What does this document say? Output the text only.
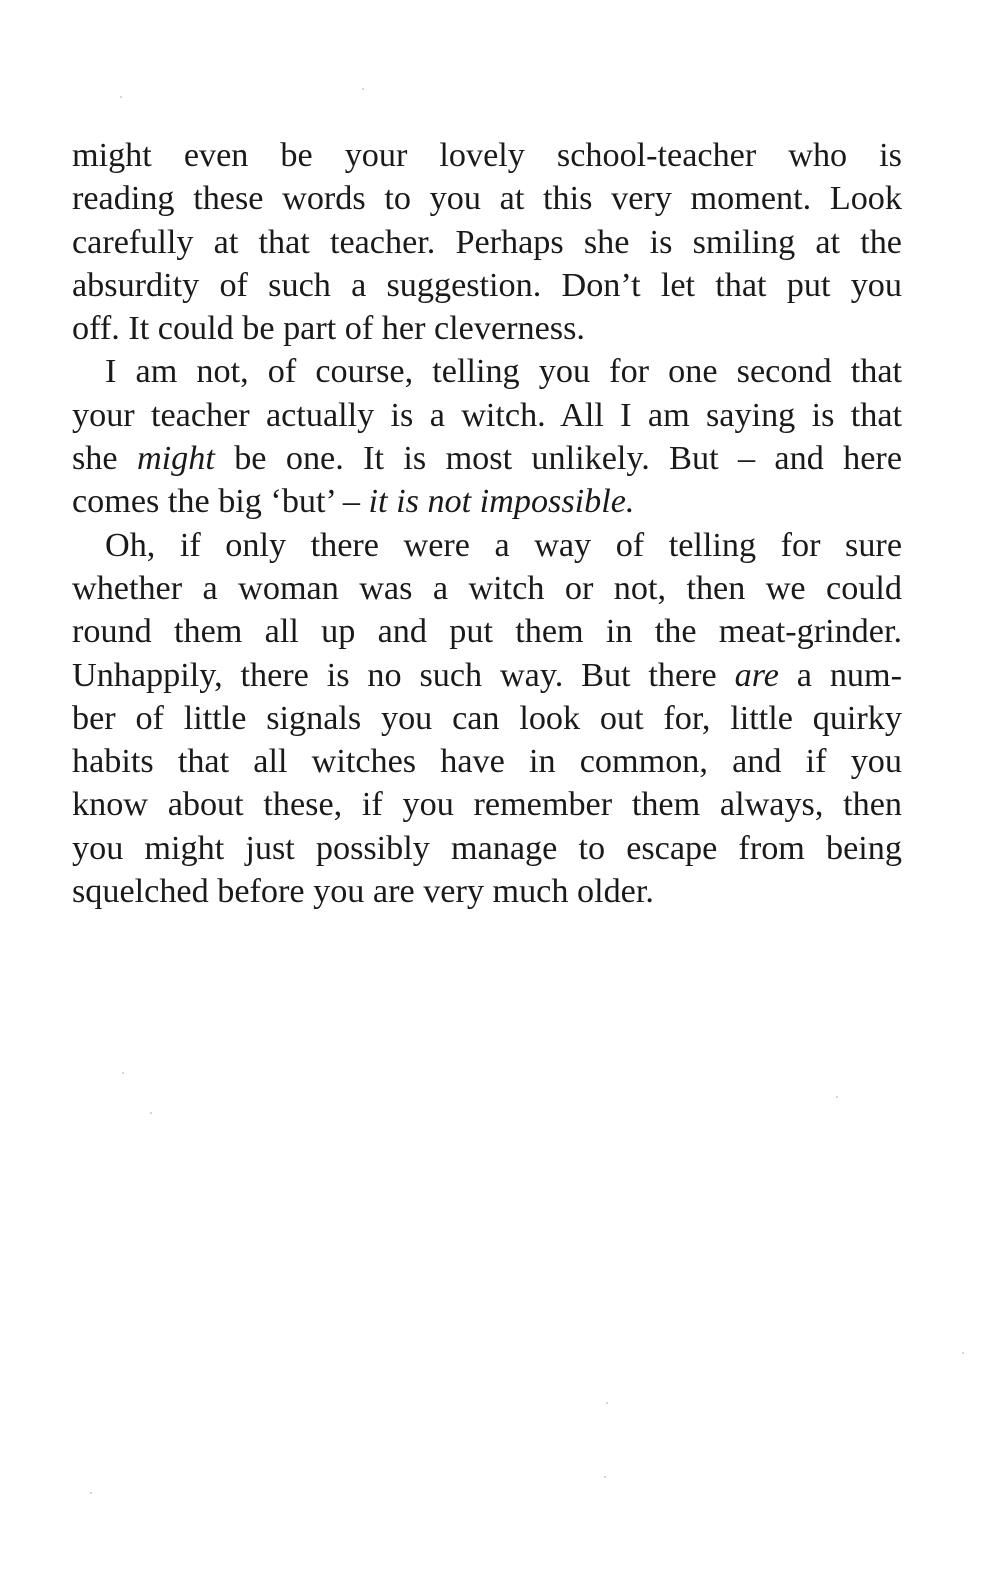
might even be your lovely school-teacher who is
reading these words to you at this very moment. Look
carefully at that teacher. Perhaps she is smiling at the
absurdity of such a suggestion. Don’t let that put you
off. It could be part of her cleverness.
I am not, of course, telling you for one second that
your teacher actually is a witch. All I am saying is that
she might be one. It is most unlikely. But – and here
comes the big ‘but’ – it is not impossible.
Oh, if only there were a way of telling for sure
whether a woman was a witch or not, then we could
round them all up and put them in the meat-grinder.
Unhappily, there is no such way. But there are a num-
ber of little signals you can look out for, little quirky
habits that all witches have in common, and if you
know about these, if you remember them always, then
you might just possibly manage to escape from being
squelched before you are very much older.
